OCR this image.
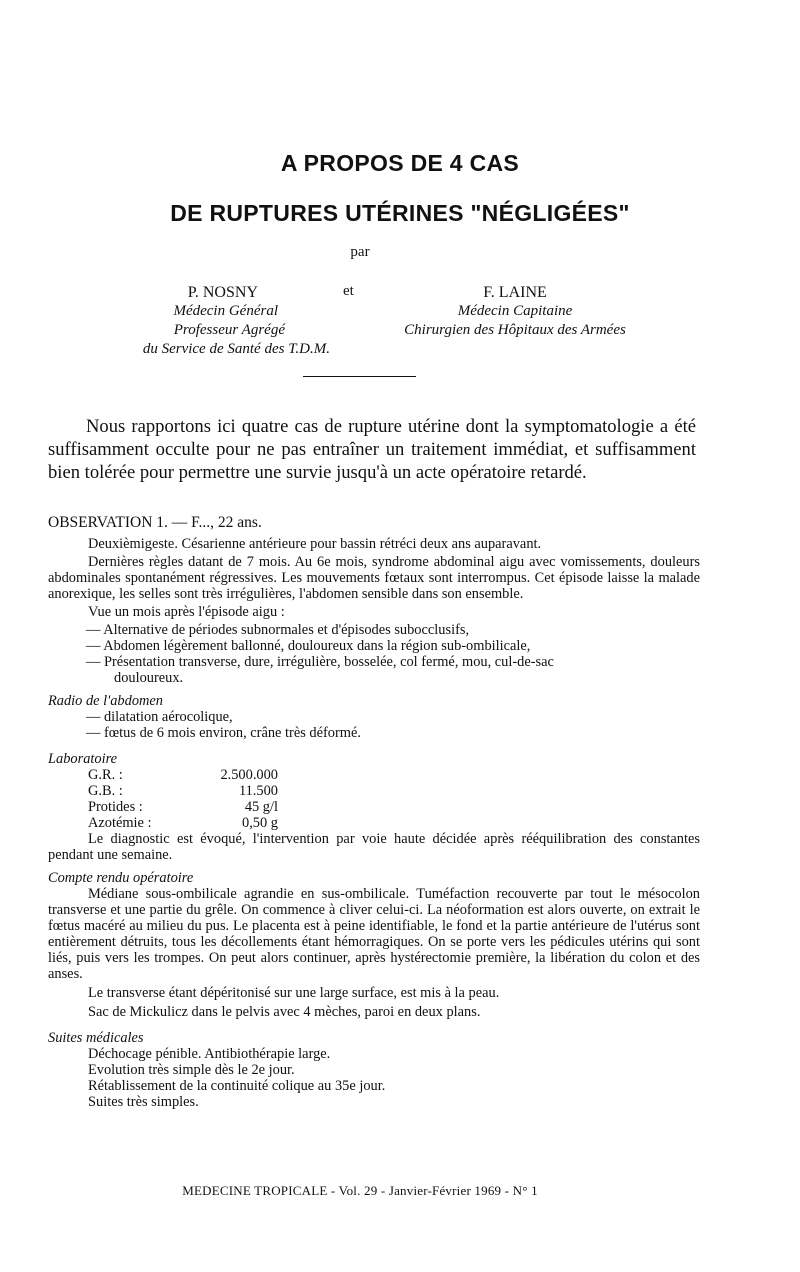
A PROPOS DE 4 CAS
DE RUPTURES UTÉRINES "NÉGLIGÉES"
par
P. NOSNY
Médecin Général
Professeur Agrégé
du Service de Santé des T.D.M.
et	F. LAINE
Médecin Capitaine
Chirurgien des Hôpitaux des Armées
Nous rapportons ici quatre cas de rupture utérine dont la symptomatologie a été suffisamment occulte pour ne pas entraîner un traitement immédiat, et suffisamment bien tolérée pour permettre une survie jusqu'à un acte opératoire retardé.

OBSERVATION 1. — F..., 22 ans.

Deuxièmigeste. Césarienne antérieure pour bassin rétréci deux ans auparavant.

Dernières règles datant de 7 mois. Au 6e mois, syndrome abdominal aigu avec vomissements, douleurs abdominales spontanément régressives. Les mouvements fœtaux sont interrompus. Cet épisode laisse la malade anorexique, les selles sont très irrégulières, l'abdomen sensible dans son ensemble.

Vue un mois après l'épisode aigu :

— Alternative de périodes subnormales et d'épisodes subocclusifs,

— Abdomen légèrement ballonné, douloureux dans la région sub-ombilicale,

— Présentation transverse, dure, irrégulière, bosselée, col fermé, mou, cul-de-sac

douloureux.

Radio de l'abdomen

— dilatation aérocolique,

— fœtus de 6 mois environ, crâne très déformé.

Laboratoire

G.R. :	2.500.000
G.B. :	11.500
Protides :	45 g/l
Azotémie :	0,50 g

Le diagnostic est évoqué, l'intervention par voie haute décidée après rééquilibration des constantes pendant une semaine.

Compte rendu opératoire

Médiane sous-ombilicale agrandie en sus-ombilicale. Tuméfaction recouverte par tout le mésocolon transverse et une partie du grêle. On commence à cliver celui-ci. La néoformation est alors ouverte, on extrait le fœtus macéré au milieu du pus. Le placenta est à peine identifiable, le fond et la partie antérieure de l'utérus sont entièrement détruits, tous les décollements étant hémorragiques. On se porte vers les pédicules utérins qui sont liés, puis vers les trompes. On peut alors continuer, après hystérectomie première, la libération du colon et des anses.

Le transverse étant dépéritonisé sur une large surface, est mis à la peau.

Sac de Mickulicz dans le pelvis avec 4 mèches, paroi en deux plans.

Suites médicales

Déchocage pénible. Antibiothérapie large.

Evolution très simple dès le 2e jour.

Rétablissement de la continuité colique au 35e jour.

Suites très simples.

MEDECINE TROPICALE - Vol. 29 - Janvier-Février 1969 - N° 1
